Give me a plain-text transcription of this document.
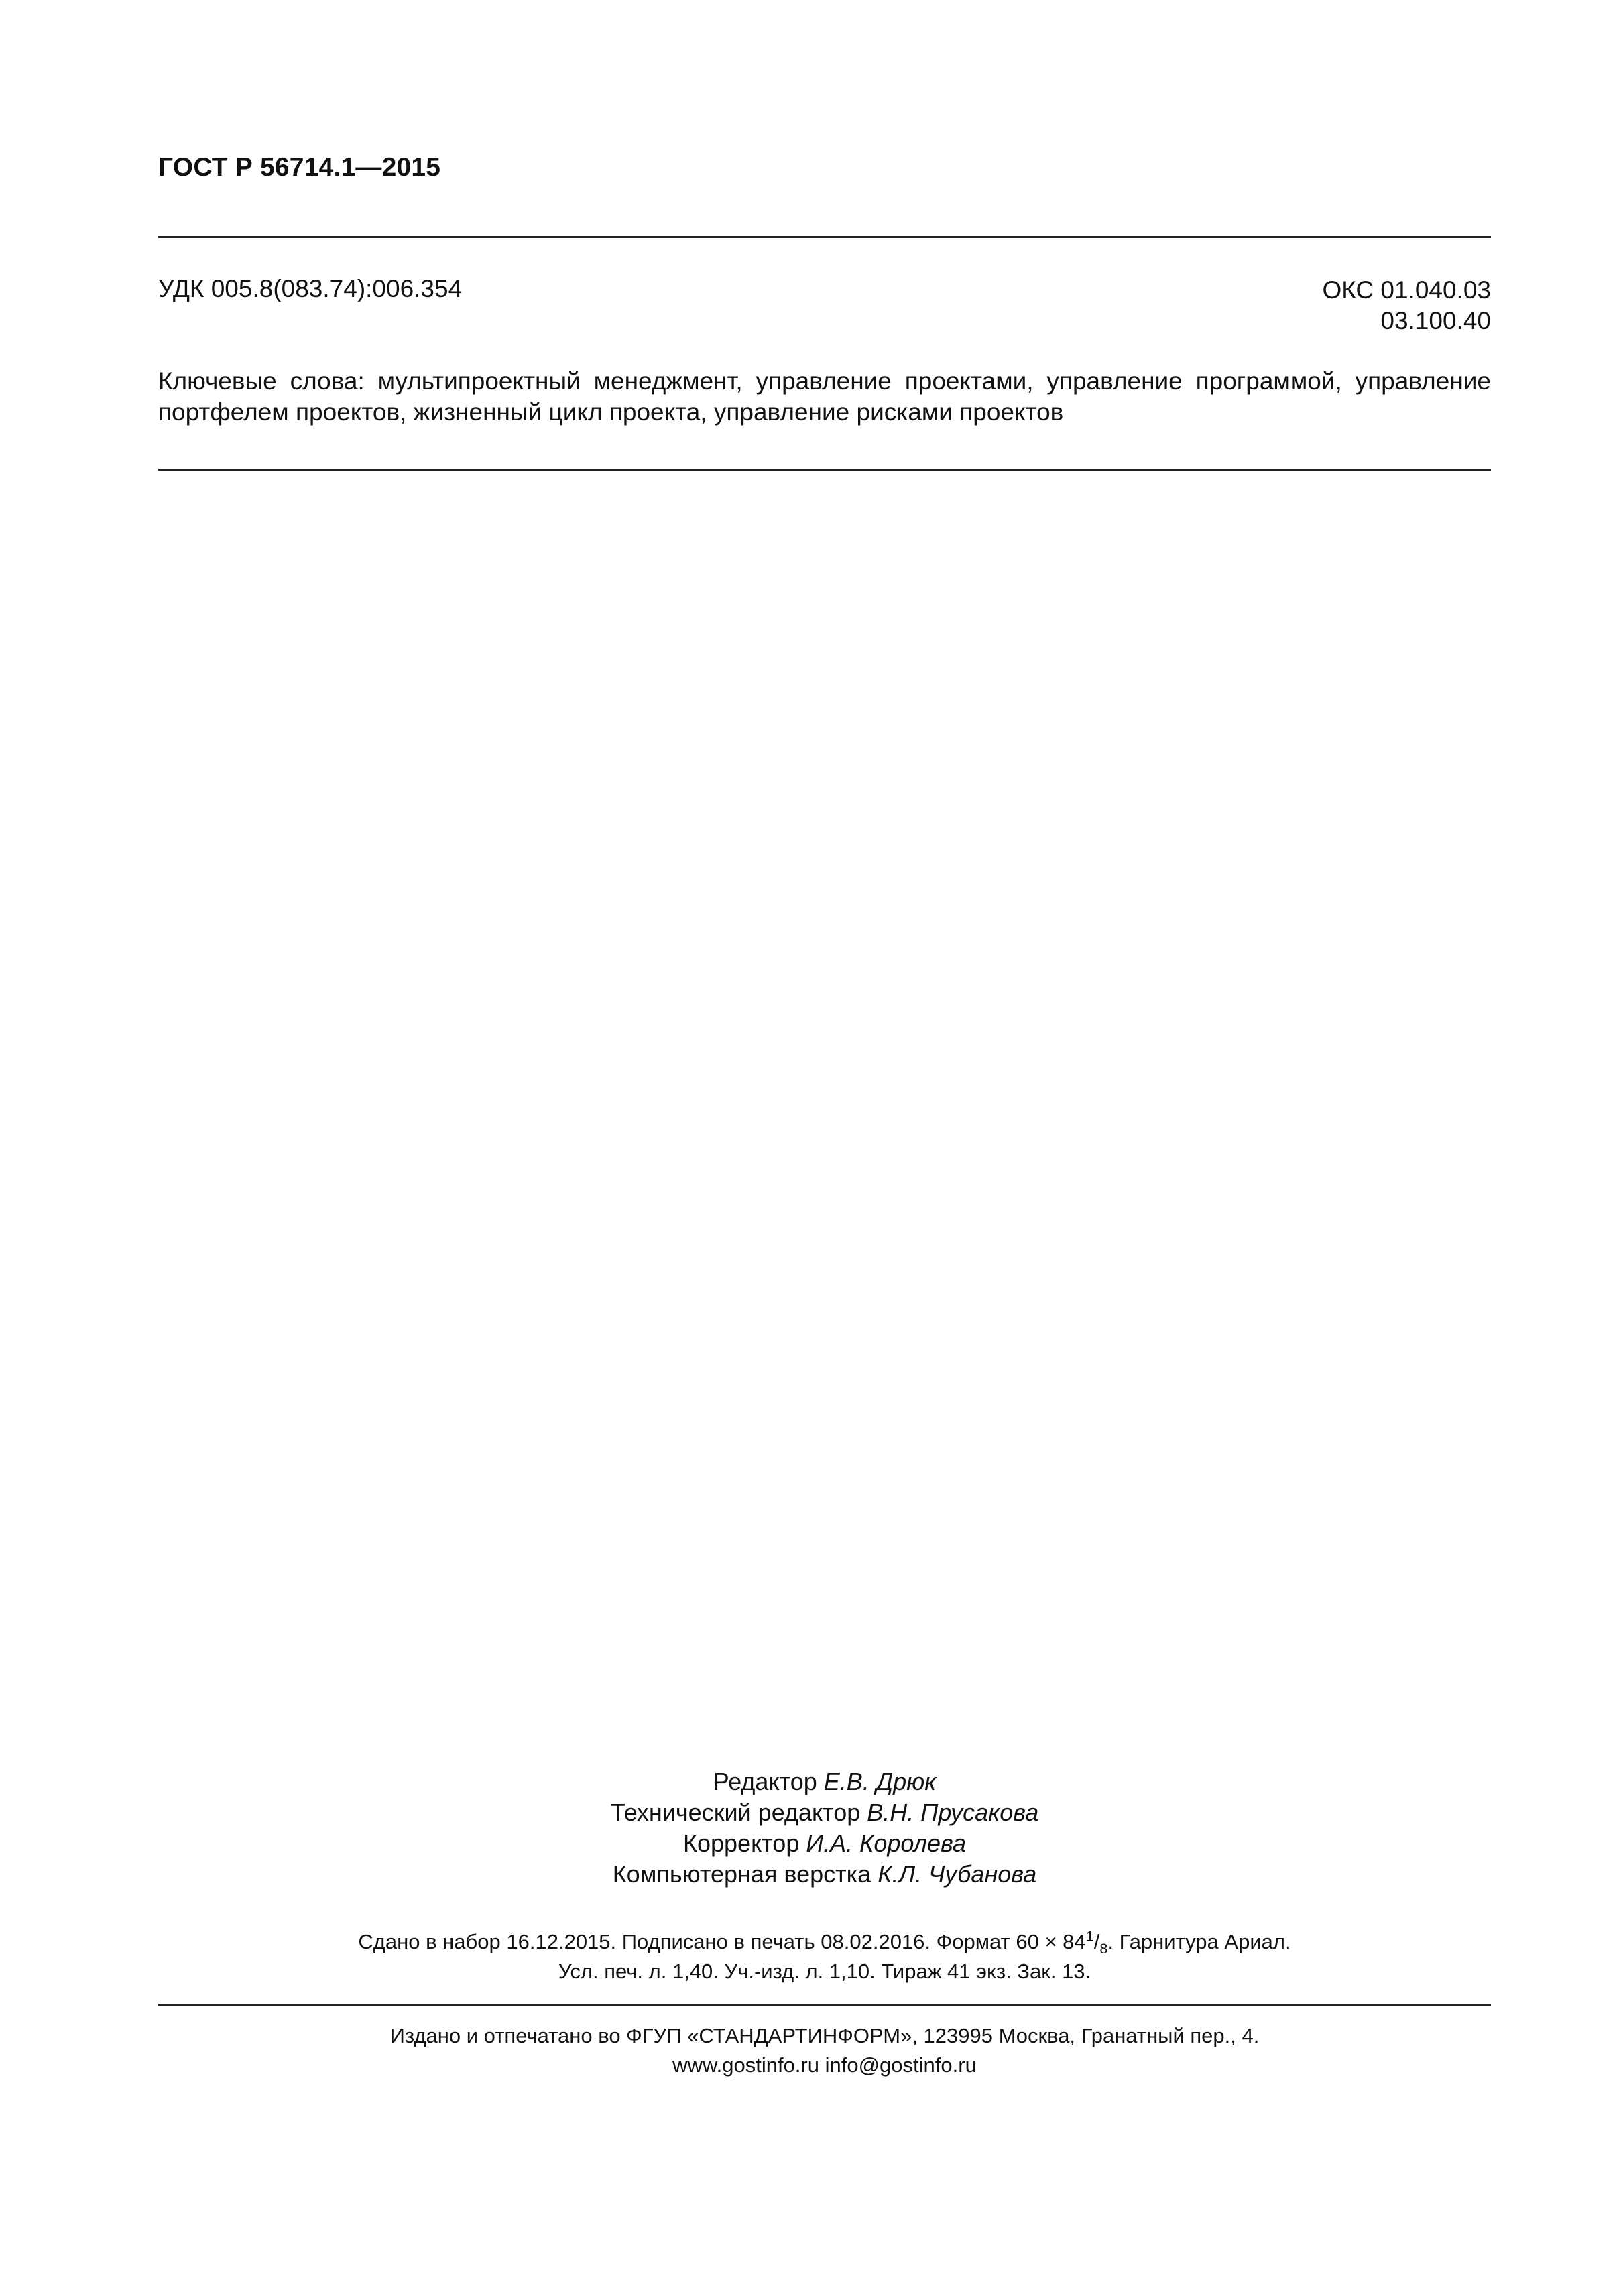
ГОСТ Р 56714.1—2015
УДК 005.8(083.74):006.354	ОКС 01.040.03
03.100.40
Ключевые слова: мультипроектный менеджмент, управление проектами, управление программой, управление портфелем проектов, жизненный цикл проекта, управление рисками проектов
Редактор Е.В. Дрюк
Технический редактор В.Н. Прусакова
Корректор И.А. Королева
Компьютерная верстка К.Л. Чубанова
Сдано в набор 16.12.2015. Подписано в печать 08.02.2016. Формат $60 \times 84^1/_8$. Гарнитура Ариал.
Усл. печ. л. 1,40. Уч.-изд. л. 1,10. Тираж 41 экз. Зак. 13.
Издано и отпечатано во ФГУП «СТАНДАРТИНФОРМ», 123995 Москва, Гранатный пер., 4.
www.gostinfo.ru info@gostinfo.ru
